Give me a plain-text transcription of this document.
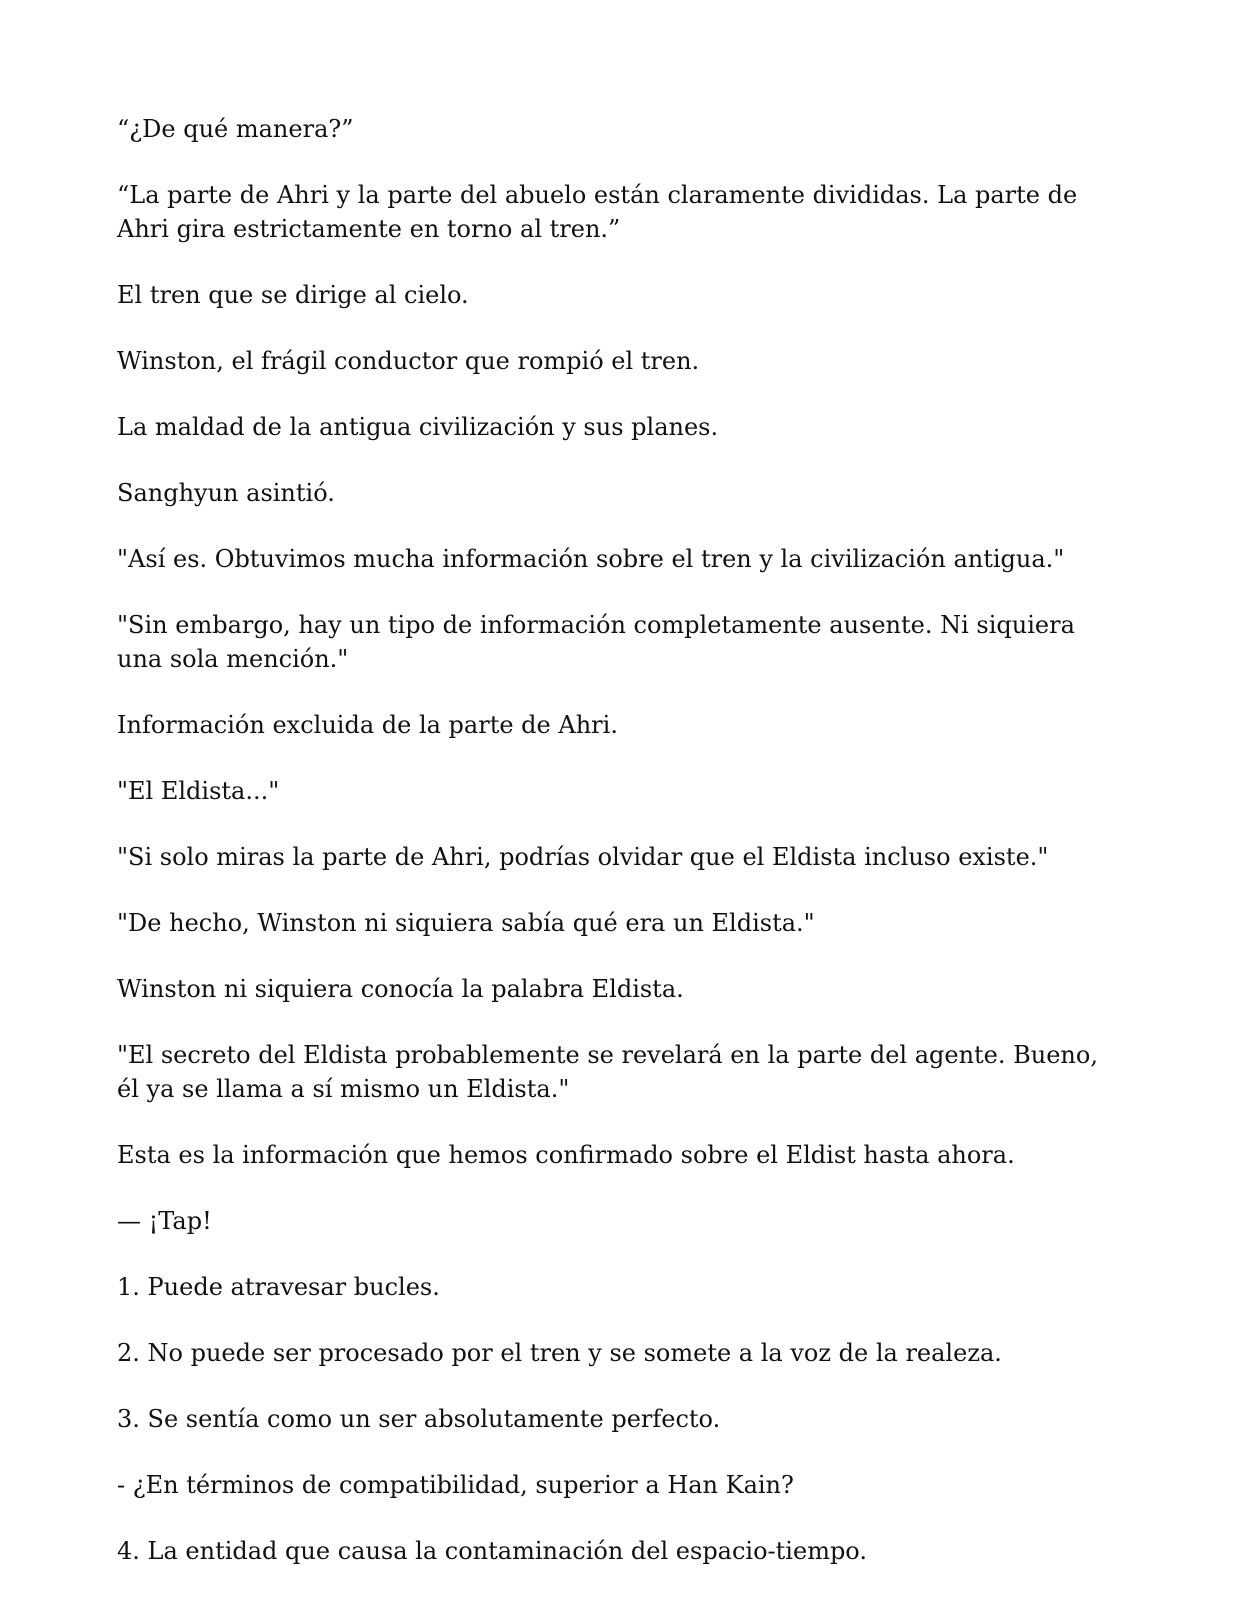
“¿De qué manera?”

“La parte de Ahri y la parte del abuelo están claramente divididas. La parte de Ahri gira estrictamente en torno al tren.”

El tren que se dirige al cielo.

Winston, el frágil conductor que rompió el tren.

La maldad de la antigua civilización y sus planes.

Sanghyun asintió.

"Así es. Obtuvimos mucha información sobre el tren y la civilización antigua."

"Sin embargo, hay un tipo de información completamente ausente. Ni siquiera una sola mención."

Información excluida de la parte de Ahri.

"El Eldista..."

"Si solo miras la parte de Ahri, podrías olvidar que el Eldista incluso existe."

"De hecho, Winston ni siquiera sabía qué era un Eldista."

Winston ni siquiera conocía la palabra Eldista.

"El secreto del Eldista probablemente se revelará en la parte del agente. Bueno, él ya se llama a sí mismo un Eldista."

Esta es la información que hemos confirmado sobre el Eldist hasta ahora.

— ¡Tap!

1. Puede atravesar bucles.

2. No puede ser procesado por el tren y se somete a la voz de la realeza.

3. Se sentía como un ser absolutamente perfecto.

- ¿En términos de compatibilidad, superior a Han Kain?

4. La entidad que causa la contaminación del espacio-tiempo.
